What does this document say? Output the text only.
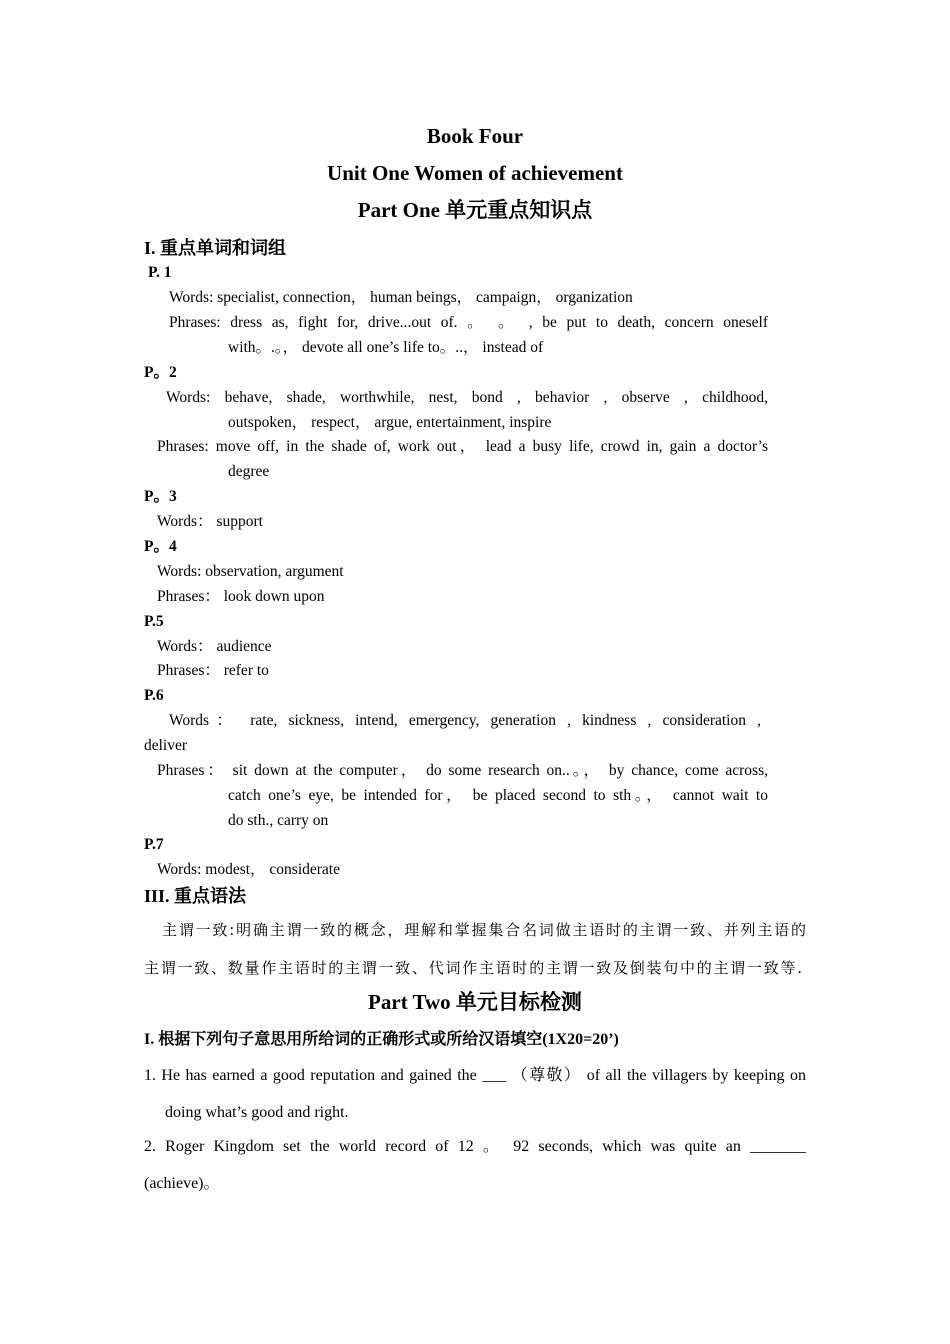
Book Four
Unit One Women of achievement
Part One 单元重点知识点
I. 重点单词和词组
P. 1
Words: specialist, connection， human beings， campaign， organization
Phrases: dress as, fight for, drive...out of. 。 。 , be put to death, concern oneself
with。.。， devote all one’s life to。..， instead of
P。2
Words: behave, shade, worthwhile, nest, bond , behavior , observe , childhood,
outspoken， respect， argue, entertainment, inspire
Phrases: move off, in the shade of, work out， lead a busy life, crowd in, gain a doctor’s
degree
P。3
Words： support
P。4
Words: observation, argument
Phrases： look down upon
P.5
Words： audience
Phrases： refer to
P.6
Words： rate, sickness, intend, emergency, generation , kindness , consideration ,
deliver
Phrases： sit down at the computer， do some research on..。， by chance, come across,
catch one’s eye, be intended for， be placed second to sth。， cannot wait to
do sth., carry on
P.7
Words: modest， considerate
III. 重点语法
主谓一致:明确主谓一致的概念，理解和掌握集合名词做主语时的主谓一致、并列主语的
主谓一致、数量作主语时的主谓一致、代词作主语时的主谓一致及倒装句中的主谓一致等.
Part Two 单元目标检测
I. 根据下列句子意思用所给词的正确形式或所给汉语填空(1X20=20’)
1. He has earned a good reputation and gained the ___ （尊敬） of all the villagers by keeping on
doing what’s good and right.
2. Roger Kingdom set the world record of 12 。 92 seconds, which was quite an _______
(achieve)。
